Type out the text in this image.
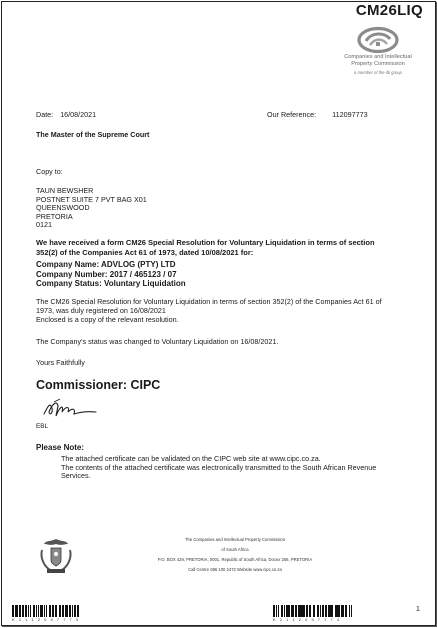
CM26LIQ
Companies and Intellectual
Property Commission
a member of the dti group
Date: 16/08/2021	Our Reference: 112097773
The Master of the Supreme Court
Copy to:
TAUN BEWSHER
POSTNET SUITE 7 PVT BAG X01
QUEENSWOOD
PRETORIA
0121
We have received a form CM26 Special Resolution for Voluntary Liquidation in terms of section
352(2) of the Companies Act 61 of 1973, dated 10/08/2021 for:
Company Name: ADVLOG (PTY) LTD
Company Number: 2017 / 465123 / 07
Company Status: Voluntary Liquidation
The CM26 Special Resolution for Voluntary Liquidation in terms of section 352(2) of the Companies Act 61 of
1973, was duly registered on 16/08/2021
Enclosed is a copy of the relevant resolution.
The Company's status was changed to Voluntary Liquidation on 16/08/2021.
Yours Faithfully
Commissioner: CIPC
EBL
Please Note:
The attached certificate can be validated on the CIPC web site at www.cipc.co.za.
The contents of the attached certificate was electronically transmitted to the South African Revenue
Services.
The Companies and Intellectual Property Commission
of South Africa
P.O. BOX 429, PRETORIA, 0001, Republic of South Africa, Docex 256, PRETORIA
Call Centre 086 100 2472 Website www.cipc.co.za
K 2 1 1 2 0 9 7 7 7 3	K 2 1 1 2 0 9 7 7 7 3
1
